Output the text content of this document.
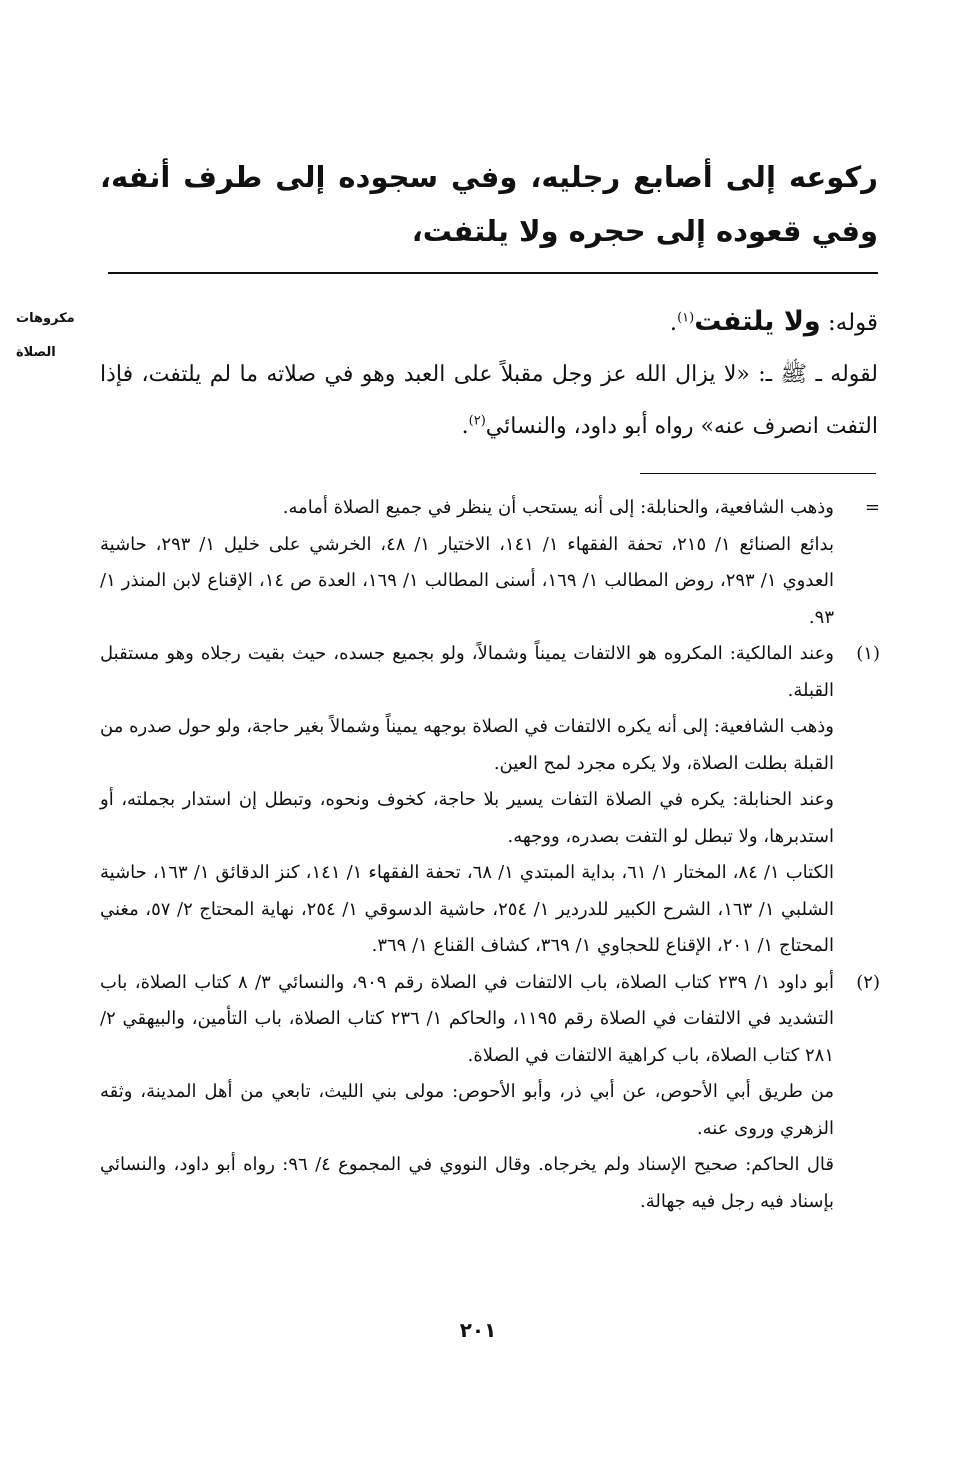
ركوعه إلى أصابع رجليه، وفي سجوده إلى طرف أنفه، وفي قعوده إلى حجره ولا يلتفت،
مكروهات
الصلاة
قوله: ولا يلتفت$^{(١)}$.
لقوله ـ ﷺ ـ: «لا يزال الله عز وجل مقبلاً على العبد وهو في صلاته ما لم يلتفت، فإذا التفت انصرف عنه» رواه أبو داود، والنسائي$^{(٢)}$.
=

وذهب الشافعية، والحنابلة: إلى أنه يستحب أن ينظر في جميع الصلاة أمامه.

بدائع الصنائع ١/ ٢١٥، تحفة الفقهاء ١/ ١٤١، الاختيار ١/ ٤٨، الخرشي على خليل ١/ ٢٩٣، حاشية العدوي ١/ ٢٩٣، روض المطالب ١/ ١٦٩، أسنى المطالب ١/ ١٦٩، العدة ص ١٤، الإقناع لابن المنذر ١/ ٩٣.

(١)

وعند المالكية: المكروه هو الالتفات يميناً وشمالاً، ولو بجميع جسده، حيث بقيت رجلاه وهو مستقبل القبلة.

وذهب الشافعية: إلى أنه يكره الالتفات في الصلاة بوجهه يميناً وشمالاً بغير حاجة، ولو حول صدره من القبلة بطلت الصلاة، ولا يكره مجرد لمح العين.

وعند الحنابلة: يكره في الصلاة التفات يسير بلا حاجة، كخوف ونحوه، وتبطل إن استدار بجملته، أو استدبرها، ولا تبطل لو التفت بصدره، ووجهه.

الكتاب ١/ ٨٤، المختار ١/ ٦١، بداية المبتدي ١/ ٦٨، تحفة الفقهاء ١/ ١٤١، كنز الدقائق ١/ ١٦٣، حاشية الشلبي ١/ ١٦٣، الشرح الكبير للدردير ١/ ٢٥٤، حاشية الدسوقي ١/ ٢٥٤، نهاية المحتاج ٢/ ٥٧، مغني المحتاج ١/ ٢٠١، الإقناع للحجاوي ١/ ٣٦٩، كشاف القناع ١/ ٣٦٩.

(٢)

أبو داود ١/ ٢٣٩ كتاب الصلاة، باب الالتفات في الصلاة رقم ٩٠٩، والنسائي ٣/ ٨ كتاب الصلاة، باب التشديد في الالتفات في الصلاة رقم ١١٩٥، والحاكم ١/ ٢٣٦ كتاب الصلاة، باب التأمين، والبيهقي ٢/ ٢٨١ كتاب الصلاة، باب كراهية الالتفات في الصلاة.

من طريق أبي الأحوص، عن أبي ذر، وأبو الأحوص: مولى بني الليث، تابعي من أهل المدينة، وثقه الزهري وروى عنه.

قال الحاكم: صحيح الإسناد ولم يخرجاه. وقال النووي في المجموع ٤/ ٩٦: رواه أبو داود، والنسائي بإسناد فيه رجل فيه جهالة.

٢٠١
